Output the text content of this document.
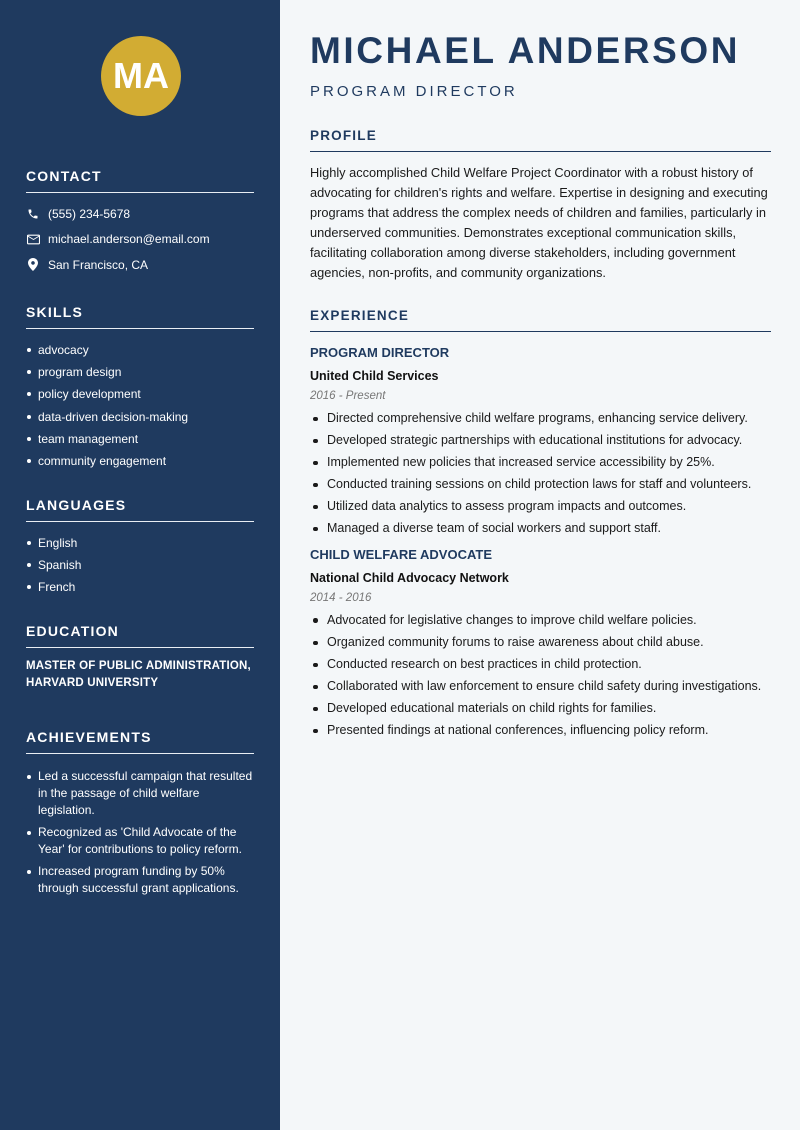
MA
CONTACT
(555) 234-5678
michael.anderson@email.com
San Francisco, CA
SKILLS
advocacy
program design
policy development
data-driven decision-making
team management
community engagement
LANGUAGES
English
Spanish
French
EDUCATION
MASTER OF PUBLIC ADMINISTRATION, HARVARD UNIVERSITY
ACHIEVEMENTS
Led a successful campaign that resulted in the passage of child welfare legislation.
Recognized as 'Child Advocate of the Year' for contributions to policy reform.
Increased program funding by 50% through successful grant applications.
MICHAEL ANDERSON
PROGRAM DIRECTOR
PROFILE

Highly accomplished Child Welfare Project Coordinator with a robust history of advocating for children's rights and welfare. Expertise in designing and executing programs that address the complex needs of children and families, particularly in underserved communities. Demonstrates exceptional communication skills, facilitating collaboration among diverse stakeholders, including government agencies, non-profits, and community organizations.

EXPERIENCE
PROGRAM DIRECTOR
United Child Services
2016 - Present
Directed comprehensive child welfare programs, enhancing service delivery.
Developed strategic partnerships with educational institutions for advocacy.
Implemented new policies that increased service accessibility by 25%.
Conducted training sessions on child protection laws for staff and volunteers.
Utilized data analytics to assess program impacts and outcomes.
Managed a diverse team of social workers and support staff.
CHILD WELFARE ADVOCATE
National Child Advocacy Network
2014 - 2016
Advocated for legislative changes to improve child welfare policies.
Organized community forums to raise awareness about child abuse.
Conducted research on best practices in child protection.
Collaborated with law enforcement to ensure child safety during investigations.
Developed educational materials on child rights for families.
Presented findings at national conferences, influencing policy reform.
